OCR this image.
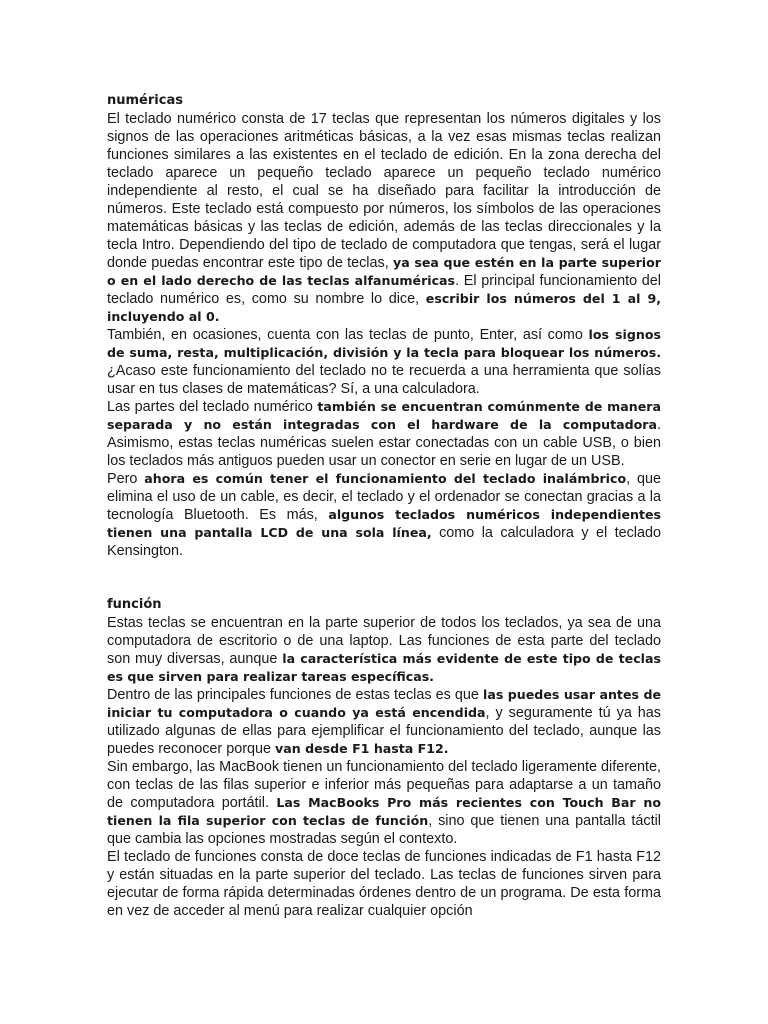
numéricas

El teclado numérico consta de 17 teclas que representan los números digitales y los signos de las operaciones aritméticas básicas, a la vez esas mismas teclas realizan funciones similares a las existentes en el teclado de edición. En la zona derecha del teclado aparece un pequeño teclado aparece un pequeño teclado numérico independiente al resto, el cual se ha diseñado para facilitar la introducción de números. Este teclado está compuesto por números, los símbolos de las operaciones matemáticas básicas y las teclas de edición, además de las teclas direccionales y la tecla Intro. Dependiendo del tipo de teclado de computadora que tengas, será el lugar donde puedas encontrar este tipo de teclas, ya sea que estén en la parte superior o en el lado derecho de las teclas alfanuméricas. El principal funcionamiento del teclado numérico es, como su nombre lo dice, escribir los números del 1 al 9, incluyendo al 0.

También, en ocasiones, cuenta con las teclas de punto, Enter, así como los signos de suma, resta, multiplicación, división y la tecla para bloquear los números. ¿Acaso este funcionamiento del teclado no te recuerda a una herramienta que solías usar en tus clases de matemáticas? Sí, a una calculadora.

Las partes del teclado numérico también se encuentran comúnmente de manera separada y no están integradas con el hardware de la computadora. Asimismo, estas teclas numéricas suelen estar conectadas con un cable USB, o bien los teclados más antiguos pueden usar un conector en serie en lugar de un USB.

Pero ahora es común tener el funcionamiento del teclado inalámbrico, que elimina el uso de un cable, es decir, el teclado y el ordenador se conectan gracias a la tecnología Bluetooth. Es más, algunos teclados numéricos independientes tienen una pantalla LCD de una sola línea, como la calculadora y el teclado Kensington.

función

Estas teclas se encuentran en la parte superior de todos los teclados, ya sea de una computadora de escritorio o de una laptop. Las funciones de esta parte del teclado son muy diversas, aunque la característica más evidente de este tipo de teclas es que sirven para realizar tareas específicas.

Dentro de las principales funciones de estas teclas es que las puedes usar antes de iniciar tu computadora o cuando ya está encendida, y seguramente tú ya has utilizado algunas de ellas para ejemplificar el funcionamiento del teclado, aunque las puedes reconocer porque van desde F1 hasta F12.

Sin embargo, las MacBook tienen un funcionamiento del teclado ligeramente diferente, con teclas de las filas superior e inferior más pequeñas para adaptarse a un tamaño de computadora portátil. Las MacBooks Pro más recientes con Touch Bar no tienen la fila superior con teclas de función, sino que tienen una pantalla táctil que cambia las opciones mostradas según el contexto.

El teclado de funciones consta de doce teclas de funciones indicadas de F1 hasta F12 y están situadas en la parte superior del teclado. Las teclas de funciones sirven para ejecutar de forma rápida determinadas órdenes dentro de un programa. De esta forma en vez de acceder al menú para realizar cualquier opción
